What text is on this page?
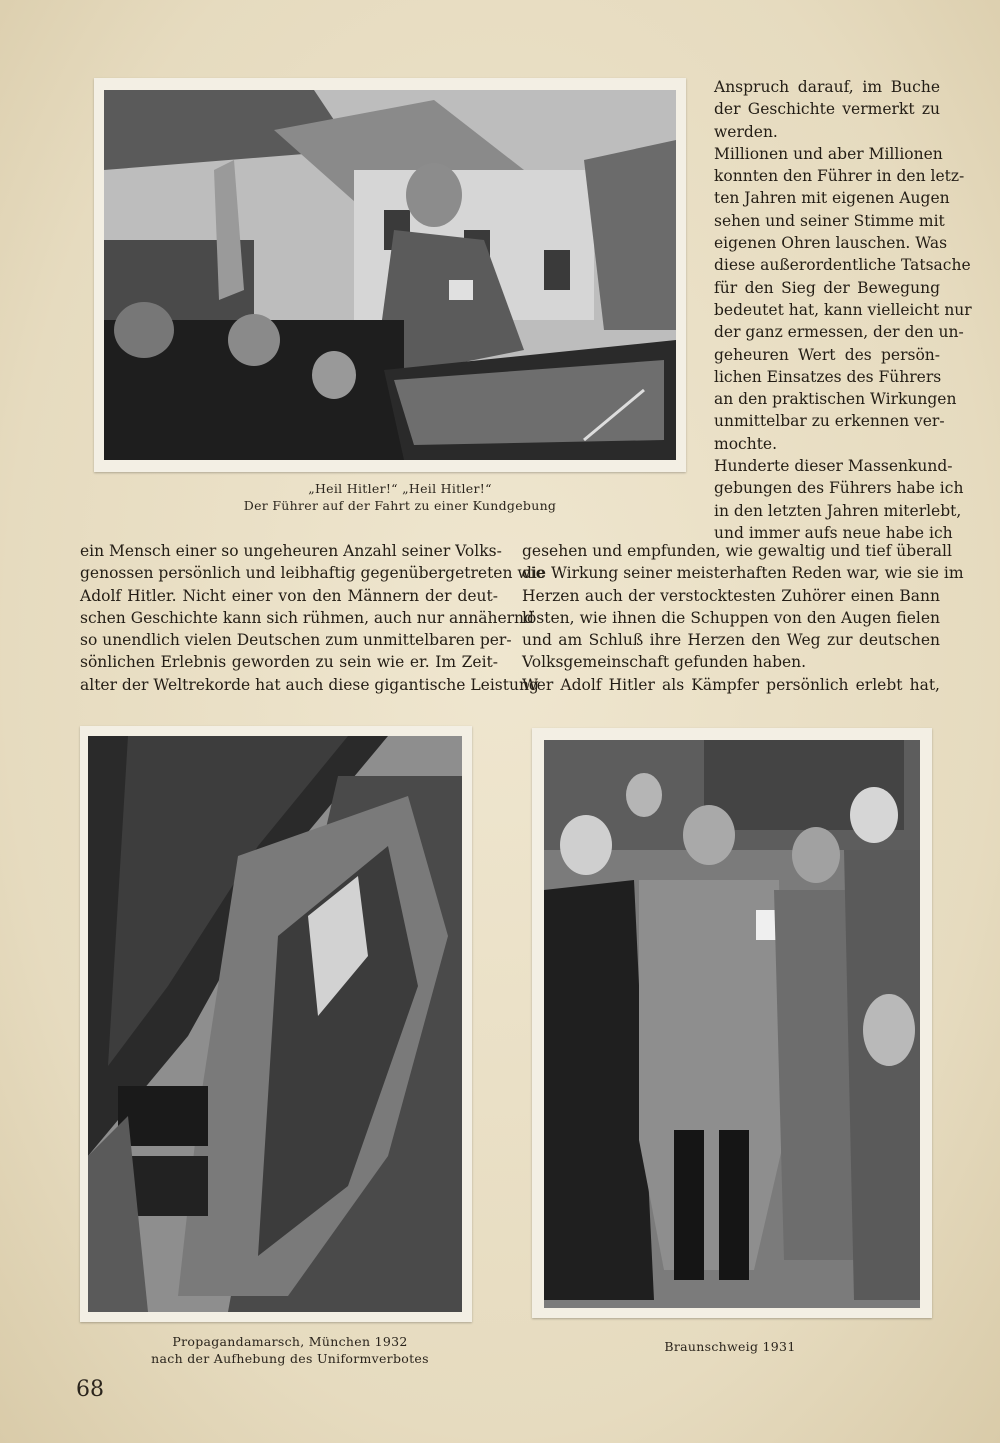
„Heil Hitler!“ „Heil Hitler!“
Der Führer auf der Fahrt zu einer Kundgebung

Anspruch darauf, im Buche

der Geschichte vermerkt zu

werden.

Millionen und aber Millionen

konnten den Führer in den letz-

ten Jahren mit eigenen Augen

sehen und seiner Stimme mit

eigenen Ohren lauschen. Was

diese außerordentliche Tatsache

für den Sieg der Bewegung

bedeutet hat, kann vielleicht nur

der ganz ermessen, der den un-

geheuren Wert des persön-

lichen Einsatzes des Führers

an den praktischen Wirkungen

unmittelbar zu erkennen ver-

mochte.

Hunderte dieser Massenkund-

gebungen des Führers habe ich

in den letzten Jahren miterlebt,

und immer aufs neue habe ich

ein Mensch einer so ungeheuren Anzahl seiner Volks-

genossen persönlich und leibhaftig gegenübergetreten wie

Adolf Hitler. Nicht einer von den Männern der deut-

schen Geschichte kann sich rühmen, auch nur annähernd

so unendlich vielen Deutschen zum unmittelbaren per-

sönlichen Erlebnis geworden zu sein wie er. Im Zeit-

alter der Weltrekorde hat auch diese gigantische Leistung

gesehen und empfunden, wie gewaltig und tief überall

die Wirkung seiner meisterhaften Reden war, wie sie im

Herzen auch der verstocktesten Zuhörer einen Bann

lösten, wie ihnen die Schuppen von den Augen fielen

und am Schluß ihre Herzen den Weg zur deutschen

Volksgemeinschaft gefunden haben.

Wer Adolf Hitler als Kämpfer persönlich erlebt hat,

Propagandamarsch, München 1932
nach der Aufhebung des Uniformverbotes
Braunschweig 1931
68
